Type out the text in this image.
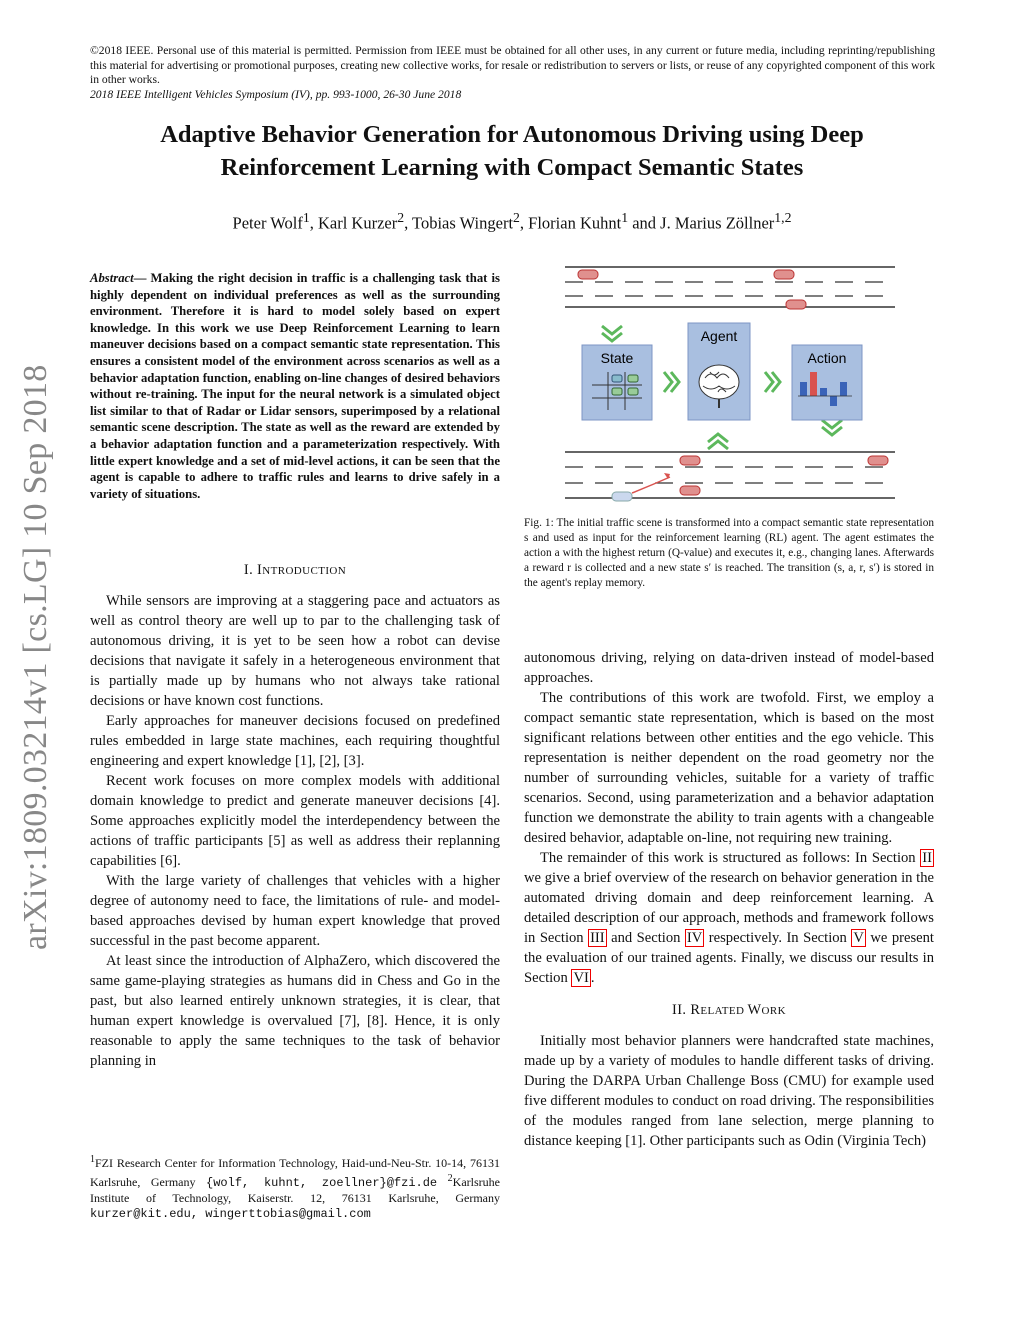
©2018 IEEE. Personal use of this material is permitted. Permission from IEEE must be obtained for all other uses, in any current or future media, including reprinting/republishing this material for advertising or promotional purposes, creating new collective works, for resale or redistribution to servers or lists, or reuse of any copyrighted component of this work in other works.
2018 IEEE Intelligent Vehicles Symposium (IV), pp. 993-1000, 26-30 June 2018
Adaptive Behavior Generation for Autonomous Driving using Deep
Reinforcement Learning with Compact Semantic States
Peter Wolf$^1$, Karl Kurzer$^2$, Tobias Wingert$^2$, Florian Kuhnt$^1$ and J. Marius Zöllner$^{1,2}$
arXiv:1809.03214v1 [cs.LG] 10 Sep 2018
Abstract— Making the right decision in traffic is a challenging task that is highly dependent on individual preferences as well as the surrounding environment. Therefore it is hard to model solely based on expert knowledge. In this work we use Deep Reinforcement Learning to learn maneuver decisions based on a compact semantic state representation. This ensures a consistent model of the environment across scenarios as well as a behavior adaptation function, enabling on-line changes of desired behaviors without re-training. The input for the neural network is a simulated object list similar to that of Radar or Lidar sensors, superimposed by a relational semantic scene description. The state as well as the reward are extended by a behavior adaptation function and a parameterization respectively. With little expert knowledge and a set of mid-level actions, it can be seen that the agent is capable to adhere to traffic rules and learns to drive safely in a variety of situations.

I. INTRODUCTION

While sensors are improving at a staggering pace and actuators as well as control theory are well up to par to the challenging task of autonomous driving, it is yet to be seen how a robot can devise decisions that navigate it safely in a heterogeneous environment that is partially made up by humans who not always take rational decisions or have known cost functions.

Early approaches for maneuver decisions focused on predefined rules embedded in large state machines, each requiring thoughtful engineering and expert knowledge [1], [2], [3].

Recent work focuses on more complex models with additional domain knowledge to predict and generate maneuver decisions [4]. Some approaches explicitly model the interdependency between the actions of traffic participants [5] as well as address their replanning capabilities [6].

With the large variety of challenges that vehicles with a higher degree of autonomy need to face, the limitations of rule- and model-based approaches devised by human expert knowledge that proved successful in the past become apparent.

At least since the introduction of AlphaZero, which discovered the same game-playing strategies as humans did in Chess and Go in the past, but also learned entirely unknown strategies, it is clear, that human expert knowledge is overvalued [7], [8]. Hence, it is only reasonable to apply the same techniques to the task of behavior planning in

$^1$FZI Research Center for Information Technology, Haid-und-Neu-Str. 10-14, 76131 Karlsruhe, Germany {wolf, kuhnt, zoellner}@fzi.de $^2$Karlsruhe Institute of Technology, Kaiserstr. 12, 76131 Karlsruhe, Germany kurzer@kit.edu, wingerttobias@gmail.com
State
Agent
Action
Fig. 1: The initial traffic scene is transformed into a compact semantic state representation s and used as input for the reinforcement learning (RL) agent. The agent estimates the action a with the highest return (Q-value) and executes it, e.g., changing lanes. Afterwards a reward r is collected and a new state s′ is reached. The transition (s, a, r, s′) is stored in the agent's replay memory.

autonomous driving, relying on data-driven instead of model-based approaches.

The contributions of this work are twofold. First, we employ a compact semantic state representation, which is based on the most significant relations between other entities and the ego vehicle. This representation is neither dependent on the road geometry nor the number of surrounding vehicles, suitable for a variety of traffic scenarios. Second, using parameterization and a behavior adaptation function we demonstrate the ability to train agents with a changeable desired behavior, adaptable on-line, not requiring new training.

The remainder of this work is structured as follows: In Section II we give a brief overview of the research on behavior generation in the automated driving domain and deep reinforcement learning. A detailed description of our approach, methods and framework follows in Section III and Section IV respectively. In Section V we present the evaluation of our trained agents. Finally, we discuss our results in Section VI .

II. RELATED WORK

Initially most behavior planners were handcrafted state machines, made up by a variety of modules to handle different tasks of driving. During the DARPA Urban Challenge Boss (CMU) for example used five different modules to conduct on road driving. The responsibilities of the modules ranged from lane selection, merge planning to distance keeping [1]. Other participants such as Odin (Virginia Tech)
